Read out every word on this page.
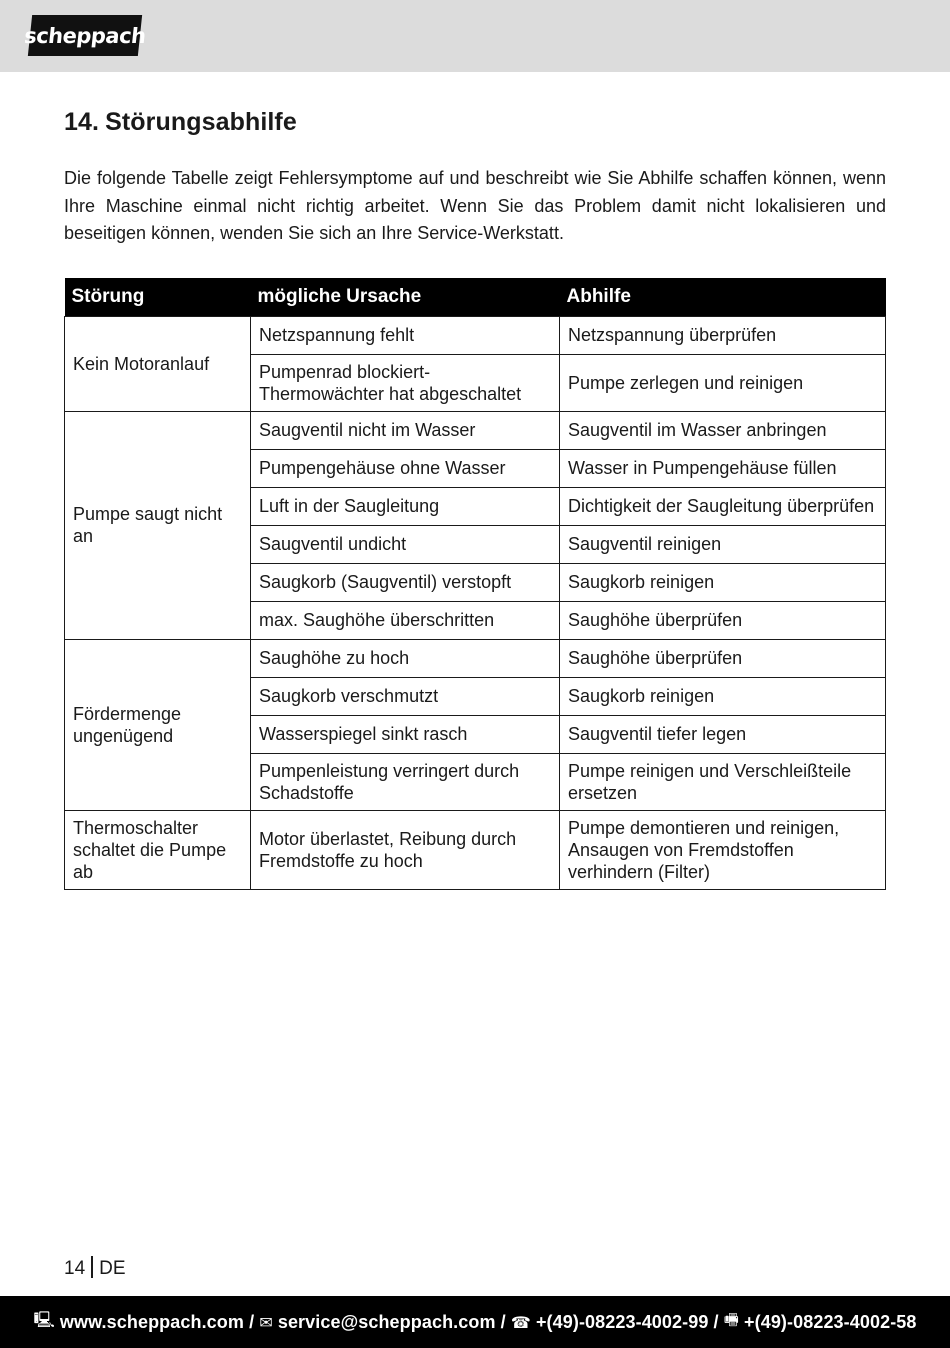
scheppach
14. Störungsabhilfe

Die folgende Tabelle zeigt Fehlersymptome auf und beschreibt wie Sie Abhilfe schaffen können, wenn Ihre Maschine einmal nicht richtig arbeitet. Wenn Sie das Problem damit nicht lokalisieren und beseitigen können, wenden Sie sich an Ihre Service-Werkstatt.

Störung	mögliche Ursache	Abhilfe
Kein Motoranlauf	Netzspannung fehlt	Netzspannung überprüfen
	Pumpenrad blockiert-Thermowächter hat abgeschaltet	Pumpe zerlegen und reinigen
Pumpe saugt nicht an	Saugventil nicht im Wasser	Saugventil im Wasser anbringen
	Pumpengehäuse ohne Wasser	Wasser in Pumpengehäuse füllen
	Luft in der Saugleitung	Dichtigkeit der Saugleitung überprüfen
	Saugventil undicht	Saugventil reinigen
	Saugkorb (Saugventil) verstopft	Saugkorb reinigen
	max. Saughöhe überschritten	Saughöhe überprüfen
Fördermenge ungenügend	Saughöhe zu hoch	Saughöhe überprüfen
	Saugkorb verschmutzt	Saugkorb reinigen
	Wasserspiegel sinkt rasch	Saugventil tiefer legen
	Pumpenleistung verringert durch Schadstoffe	Pumpe reinigen und Verschleißteile ersetzen
Thermoschalter schaltet die Pumpe ab	Motor überlastet, Reibung durch Fremdstoffe zu hoch	Pumpe demontieren und reinigen, Ansaugen von Fremdstoffen verhindern (Filter)
14 DE
🖳 www.scheppach.com /
✉ service@scheppach.com /
☎ +(49)-08223-4002-99 /
🖷 +(49)-08223-4002-58
